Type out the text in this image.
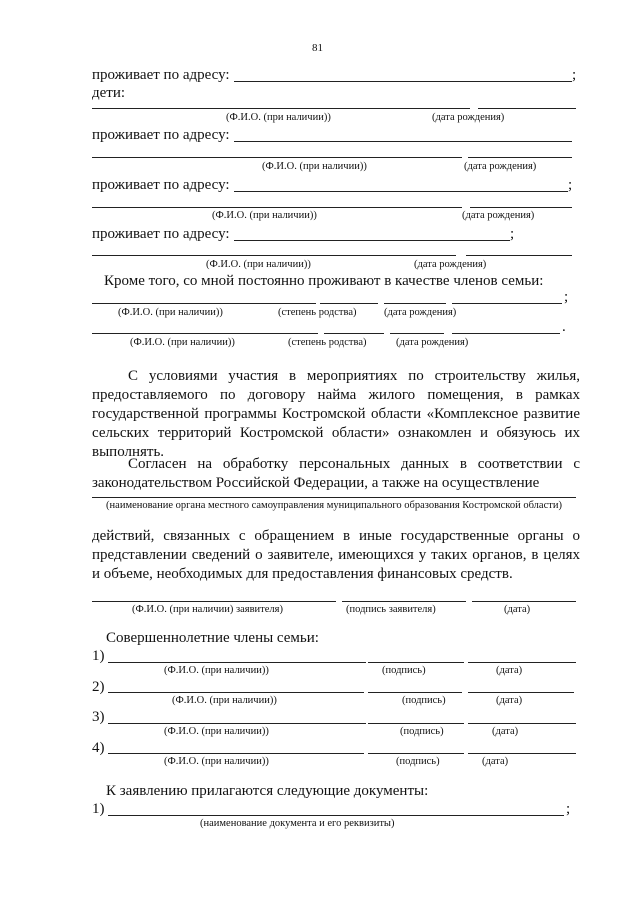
81
проживает по адресу:	;
дети:
(Ф.И.О. (при наличии))	(дата рождения)
проживает по адресу:
(Ф.И.О. (при наличии))	(дата рождения)
проживает по адресу:	;
(Ф.И.О. (при наличии))	(дата рождения)
проживает по адресу:	;
(Ф.И.О. (при наличии))	(дата рождения)
Кроме того, со мной постоянно проживают в качестве членов семьи:
;
(Ф.И.О. (при наличии))	(степень родства)	(дата рождения)
.
(Ф.И.О. (при наличии))	(степень родства)	(дата рождения)
С условиями участия в мероприятиях по строительству жилья, предоставляемого по договору найма жилого помещения, в рамках государственной программы Костромской области «Комплексное развитие сельских территорий Костромской области» ознакомлен и обязуюсь их выполнять.
Согласен на обработку персональных данных в соответствии с законодательством Российской Федерации, а также на осуществление
(наименование органа местного самоуправления муниципального образования Костромской области)
действий, связанных с обращением в иные государственные органы о представлении сведений о заявителе, имеющихся у таких органов, в целях и объеме, необходимых для предоставления финансовых средств.
(Ф.И.О. (при наличии) заявителя)	(подпись заявителя)	(дата)
Совершеннолетние члены семьи:
1)
(Ф.И.О. (при наличии))	(подпись)	(дата)
2)
(Ф.И.О. (при наличии))	(подпись)	(дата)
3)
(Ф.И.О. (при наличии))	(подпись)	(дата)
4)
(Ф.И.О. (при наличии))	(подпись)	(дата)
К заявлению прилагаются следующие документы:
1)	;
(наименование документа и его реквизиты)
